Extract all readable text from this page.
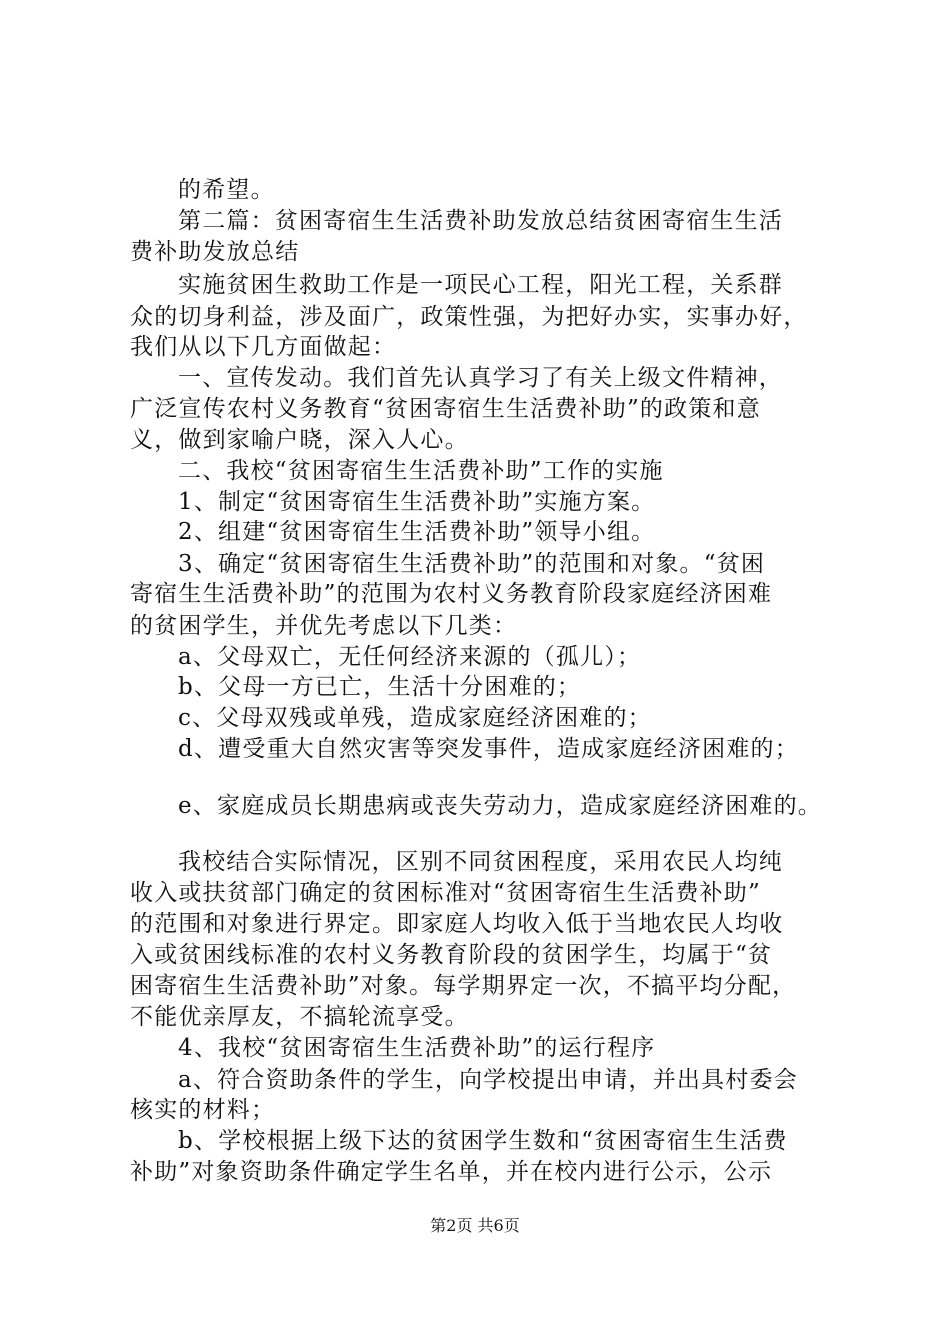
的希望。
第二篇：贫困寄宿生生活费补助发放总结贫困寄宿生生活
费补助发放总结
实施贫困生救助工作是一项民心工程，阳光工程，关系群
众的切身利益，涉及面广，政策性强，为把好办实，实事办好，
我们从以下几方面做起：
一、宣传发动。我们首先认真学习了有关上级文件精神，
广泛宣传农村义务教育“贫困寄宿生生活费补助”的政策和意
义，做到家喻户晓，深入人心。
二、我校“贫困寄宿生生活费补助”工作的实施
1、制定“贫困寄宿生生活费补助”实施方案。
2、组建“贫困寄宿生生活费补助”领导小组。
3、确定“贫困寄宿生生活费补助”的范围和对象。“贫困
寄宿生生活费补助”的范围为农村义务教育阶段家庭经济困难
的贫困学生，并优先考虑以下几类：
a、父母双亡，无任何经济来源的（孤儿）；
b、父母一方已亡，生活十分困难的；
c、父母双残或单残，造成家庭经济困难的；
d、遭受重大自然灾害等突发事件，造成家庭经济困难的；
e、家庭成员长期患病或丧失劳动力，造成家庭经济困难的。
我校结合实际情况，区别不同贫困程度，采用农民人均纯
收入或扶贫部门确定的贫困标准对“贫困寄宿生生活费补助”
的范围和对象进行界定。即家庭人均收入低于当地农民人均收
入或贫困线标准的农村义务教育阶段的贫困学生，均属于“贫
困寄宿生生活费补助”对象。每学期界定一次，不搞平均分配，
不能优亲厚友，不搞轮流享受。
4、我校“贫困寄宿生生活费补助”的运行程序
a、符合资助条件的学生，向学校提出申请，并出具村委会
核实的材料；
b、学校根据上级下达的贫困学生数和“贫困寄宿生生活费
补助”对象资助条件确定学生名单，并在校内进行公示，公示
第2页 共6页
